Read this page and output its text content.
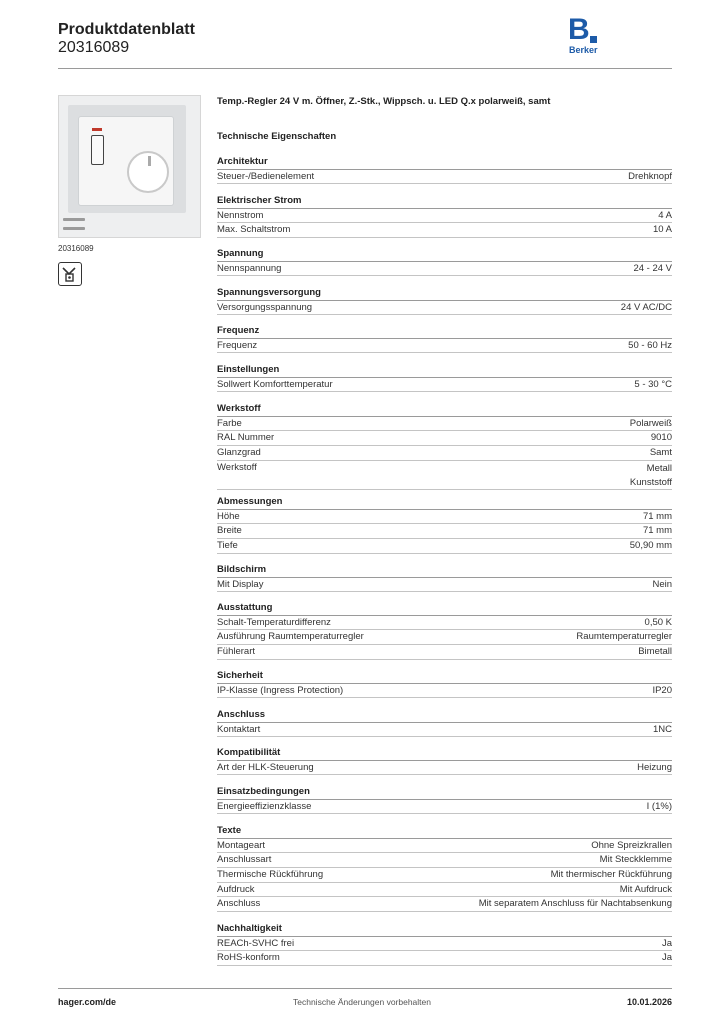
Produktdatenblatt
20316089
B
Berker
20316089
Temp.-Regler 24 V m. Öffner, Z.-Stk., Wippsch. u. LED Q.x polarweiß, samt
Technische Eigenschaften
Architektur
Steuer-/Bedienelement	Drehknopf
Elektrischer Strom
Nennstrom	4 A
Max. Schaltstrom	10 A
Spannung
Nennspannung	24 - 24 V
Spannungsversorgung
Versorgungsspannung	24 V AC/DC
Frequenz
Frequenz	50 - 60 Hz
Einstellungen
Sollwert Komforttemperatur	5 - 30 °C
Werkstoff
Farbe	Polarweiß
RAL Nummer	9010
Glanzgrad	Samt
Werkstoff	Metall
Kunststoff
Abmessungen
Höhe	71 mm
Breite	71 mm
Tiefe	50,90 mm
Bildschirm
Mit Display	Nein
Ausstattung
Schalt-Temperaturdifferenz	0,50 K
Ausführung Raumtemperaturregler	Raumtemperaturregler
Fühlerart	Bimetall
Sicherheit
IP-Klasse (Ingress Protection)	IP20
Anschluss
Kontaktart	1NC
Kompatibilität
Art der HLK-Steuerung	Heizung
Einsatzbedingungen
Energieeffizienzklasse	I (1%)
Texte
Montageart	Ohne Spreizkrallen
Anschlussart	Mit Steckklemme
Thermische Rückführung	Mit thermischer Rückführung
Aufdruck	Mit Aufdruck
Anschluss	Mit separatem Anschluss für Nachtabsenkung
Nachhaltigkeit
REACh-SVHC frei	Ja
RoHS-konform	Ja
hager.com/de	Technische Änderungen vorbehalten	10.01.2026
